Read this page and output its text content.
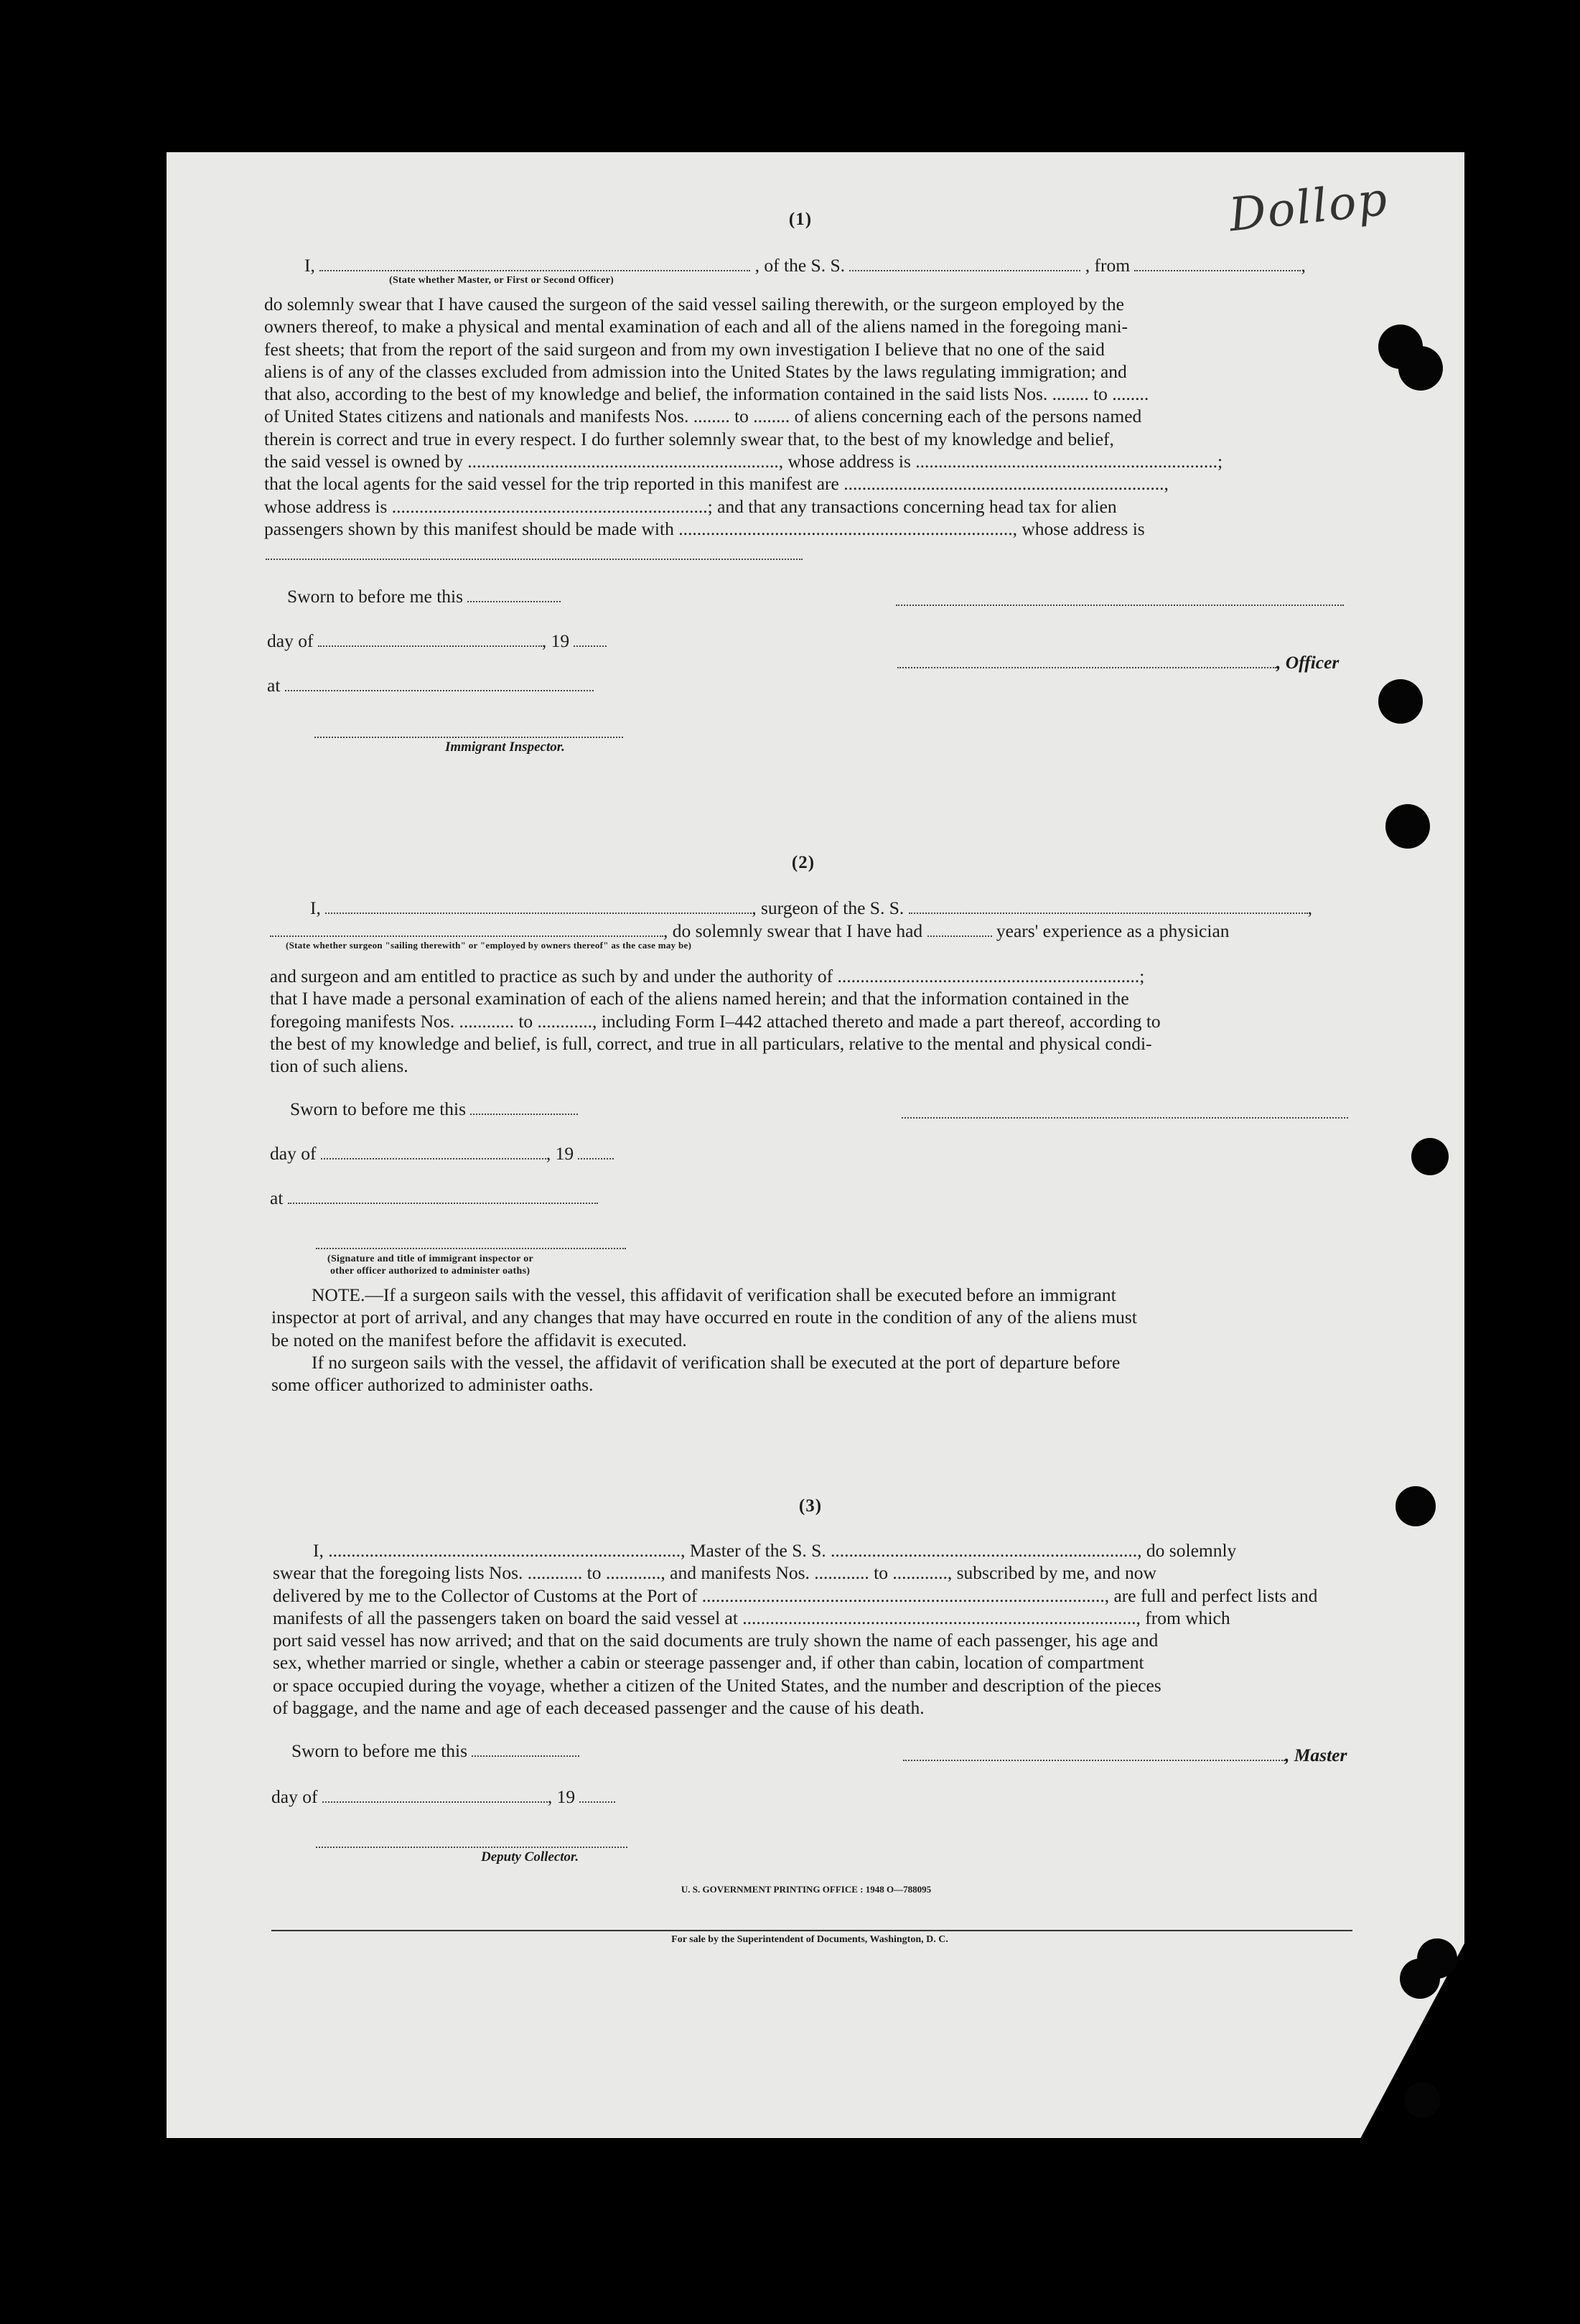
Dollop
(1)
I,	, of the S. S.	, from	,
(State whether Master, or First or Second Officer)
do solemnly swear that I have caused the surgeon of the said vessel sailing therewith, or the surgeon employed by the
owners thereof, to make a physical and mental examination of each and all of the aliens named in the foregoing mani-
fest sheets; that from the report of the said surgeon and from my own investigation I believe that no one of the said
aliens is of any of the classes excluded from admission into the United States by the laws regulating immigration; and
that also, according to the best of my knowledge and belief, the information contained in the said lists Nos. ........ to ........
of United States citizens and nationals and manifests Nos. ........ to ........ of aliens concerning each of the persons named
therein is correct and true in every respect. I do further solemnly swear that, to the best of my knowledge and belief,
the said vessel is owned by ...................................................................., whose address is ..................................................................;
that the local agents for the said vessel for the trip reported in this manifest are ......................................................................,
whose address is .....................................................................; and that any transactions concerning head tax for alien
passengers shown by this manifest should be made with ........................................................................., whose address is
Sworn to before me this
day of	, 19
, Officer
at
Immigrant Inspector.
(2)
I,	, surgeon of the S. S.	,
, do solemnly swear that I have had	years' experience as a physician
(State whether surgeon "sailing therewith" or "employed by owners thereof" as the case may be)
and surgeon and am entitled to practice as such by and under the authority of ..................................................................;
that I have made a personal examination of each of the aliens named herein; and that the information contained in the
foregoing manifests Nos. ............ to ............, including Form I–442 attached thereto and made a part thereof, according to
the best of my knowledge and belief, is full, correct, and true in all particulars, relative to the mental and physical condi-
tion of such aliens.
Sworn to before me this
day of	, 19
at
(Signature and title of immigrant inspector or
other officer authorized to administer oaths)
NOTE.—If a surgeon sails with the vessel, this affidavit of verification shall be executed before an immigrant
inspector at port of arrival, and any changes that may have occurred en route in the condition of any of the aliens must
be noted on the manifest before the affidavit is executed.
If no surgeon sails with the vessel, the affidavit of verification shall be executed at the port of departure before
some officer authorized to administer oaths.
(3)
I, ............................................................................., Master of the S. S. ..................................................................., do solemnly
swear that the foregoing lists Nos. ............ to ............, and manifests Nos. ............ to ............, subscribed by me, and now
delivered by me to the Collector of Customs at the Port of ........................................................................................, are full and perfect lists and
manifests of all the passengers taken on board the said vessel at ......................................................................................, from which
port said vessel has now arrived; and that on the said documents are truly shown the name of each passenger, his age and
sex, whether married or single, whether a cabin or steerage passenger and, if other than cabin, location of compartment
or space occupied during the voyage, whether a citizen of the United States, and the number and description of the pieces
of baggage, and the name and age of each deceased passenger and the cause of his death.
Sworn to before me this	, Master
day of	, 19
Deputy Collector.
U. S. GOVERNMENT PRINTING OFFICE : 1948 O—788095
For sale by the Superintendent of Documents, Washington, D. C.
